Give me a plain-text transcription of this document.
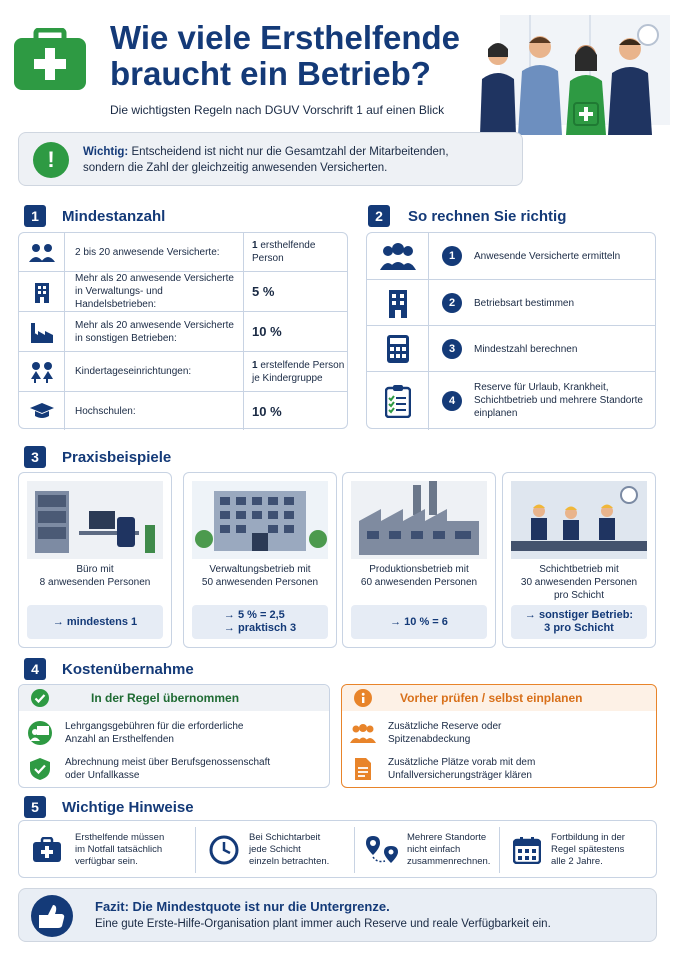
Wie viele Ersthelfende
braucht ein Betrieb?
Die wichtigsten Regeln nach DGUV Vorschrift 1 auf einen Blick
!	Wichtig: Entscheidend ist nicht nur die Gesamtzahl der Mitarbeitenden,
sondern die Zahl der gleichzeitig anwesenden Versicherten.
1	Mindestanzahl
2 bis 20 anwesende Versicherte:
1 ersthelfende Person
Mehr als 20 anwesende Versicherte in Verwaltungs- und Handelsbetrieben:
5 %
Mehr als 20 anwesende Versicherte in sonstigen Betrieben:	10 %
Kindertageseinrichtungen:
1 erstelfende Person
je Kindergruppe
Hochschulen:	10 %
2	So rechnen Sie richtig
1	Anwesende Versicherte ermitteln
2	Betriebsart bestimmen
3	Mindestzahl berechnen
4
Reserve für Urlaub, Krankheit, Schichtbetrieb und mehrere Standorte einplanen
3	Praxisbeispiele
Büro mit
8 anwesenden Personen
→ mindestens 1
Verwaltungsbetrieb mit
50 anwesenden Personen
→ 5 % = 2,5
→ praktisch 3
Produktionsbetrieb mit
60 anwesenden Personen
→ 10 % = 6
Schichtbetrieb mit
30 anwesenden Personen
pro Schicht
→ sonstiger Betrieb:
3 pro Schicht
4	Kostenübernahme
In der Regel übernommen
Lehrgangsgebühren für die erforderliche
Anzahl an Ersthelfenden
Abrechnung meist über Berufsgenossenschaft
oder Unfallkasse
Vorher prüfen / selbst einplanen
Zusätzliche Reserve oder
Spitzenabdeckung
Zusätzliche Plätze vorab mit dem
Unfallversicherungsträger klären
5	Wichtige Hinweise
Ersthelfende müssen
im Notfall tatsächlich
verfügbar sein.
Bei Schichtarbeit
jede Schicht
einzeln betrachten.
Mehrere Standorte
nicht einfach
zusammenrechnen.
Fortbildung in der
Regel spätestens
alle 2 Jahre.
Fazit: Die Mindestquote ist nur die Untergrenze.
Eine gute Erste-Hilfe-Organisation plant immer auch Reserve und reale Verfügbarkeit ein.
